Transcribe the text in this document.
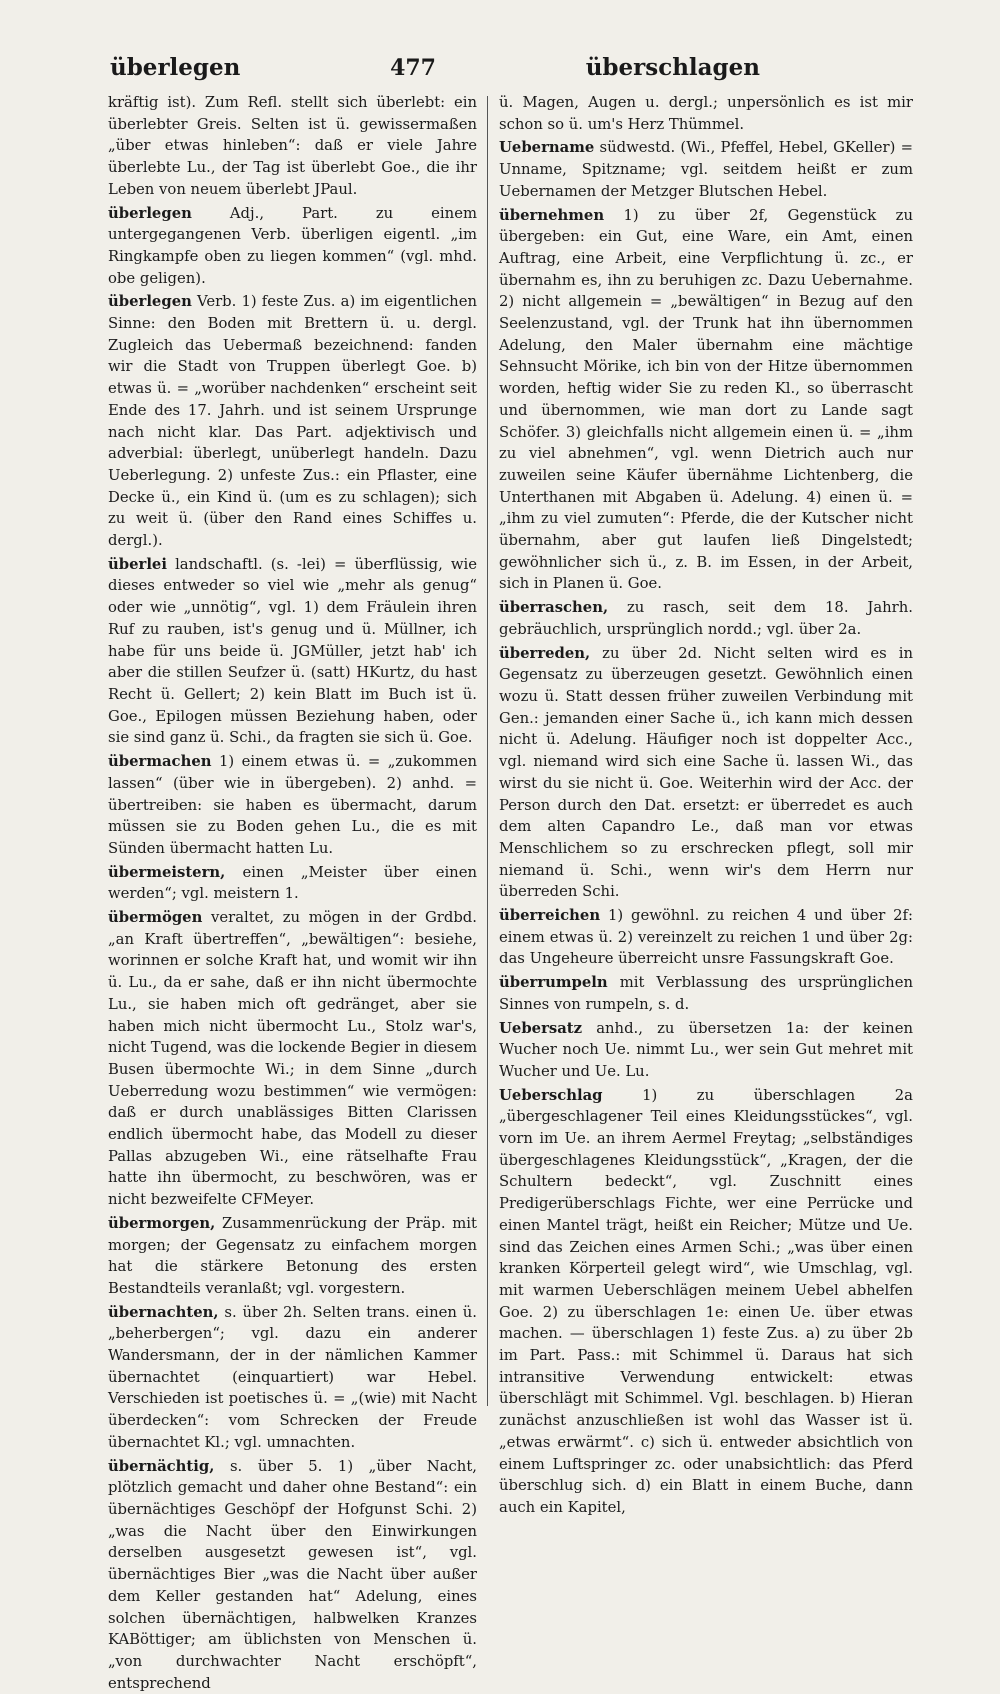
überlegen	477	überschlagen

kräftig ist). Zum Refl. stellt sich überlebt: ein überlebter Greis. Selten ist ü. gewissermaßen „über etwas hinleben“: daß er viele Jahre überlebte Lu., der Tag ist überlebt Goe., die ihr Leben von neuem überlebt JPaul.

überlegen	Adj., Part. zu einem untergegangenen Verb. überligen eigentl. „im Ringkampfe oben zu liegen kommen“ (vgl. mhd. obe geligen).

überlegen Verb. 1) feste Zus. a) im eigentlichen Sinne: den Boden mit Brettern ü. u. dergl. Zugleich das Uebermaß bezeichnend: fanden wir die Stadt von Truppen überlegt Goe. b) etwas ü. = „worüber nachdenken“ erscheint seit Ende des 17. Jahrh. und ist seinem Ursprunge nach nicht klar. Das Part. adjektivisch und adverbial: überlegt, unüberlegt handeln. Dazu Ueberlegung. 2) unfeste Zus.: ein Pflaster, eine Decke ü., ein Kind ü. (um es zu schlagen); sich zu weit ü. (über den Rand eines Schiffes u. dergl.).

überlei landschaftl. (s. -lei) = überflüssig, wie dieses entweder so viel wie „mehr als genug“ oder wie „unnötig“, vgl. 1) dem Fräulein ihren Ruf zu rauben, ist's genug und ü. Müllner, ich habe für uns beide ü. JGMüller, jetzt hab' ich aber die stillen Seufzer ü. (satt) HKurtz, du hast Recht ü. Gellert; 2) kein Blatt im Buch ist ü. Goe., Epilogen müssen Beziehung haben, oder sie sind ganz ü. Schi., da fragten sie sich ü. Goe.

übermachen 1) einem etwas ü. = „zukommen lassen“ (über wie in übergeben). 2) anhd. = übertreiben: sie haben es übermacht, darum müssen sie zu Boden gehen Lu., die es mit Sünden übermacht hatten Lu.

übermeistern, einen „Meister über einen werden“; vgl. meistern 1.

übermögen veraltet, zu mögen in der Grdbd. „an Kraft übertreffen“, „bewältigen“: besiehe, worinnen er solche Kraft hat, und womit wir ihn ü. Lu., da er sahe, daß er ihn nicht übermochte Lu., sie haben mich oft gedränget, aber sie haben mich nicht übermocht Lu., Stolz war's, nicht Tugend, was die lockende Begier in diesem Busen übermochte Wi.; in dem Sinne „durch Ueberredung wozu bestimmen“ wie vermögen: daß er durch unablässiges Bitten Clarissen endlich übermocht habe, das Modell zu dieser Pallas abzugeben Wi., eine rätselhafte Frau hatte ihn übermocht, zu beschwören, was er nicht bezweifelte CFMeyer.

übermorgen, Zusammenrückung der Präp. mit morgen; der Gegensatz zu einfachem morgen hat die stärkere Betonung des ersten Bestandteils veranlaßt; vgl. vorgestern.

übernachten, s. über 2h. Selten trans. einen ü. „beherbergen“; vgl. dazu ein anderer Wandersmann, der in der nämlichen Kammer übernachtet (einquartiert) war Hebel. Verschieden ist poetisches ü. = „(wie) mit Nacht überdecken“: vom Schrecken der Freude übernachtet Kl.; vgl. umnachten.

übernächtig, s. über 5. 1) „über Nacht, plötzlich gemacht und daher ohne Bestand“: ein übernächtiges Geschöpf der Hofgunst Schi. 2) „was die Nacht über den Einwirkungen derselben ausgesetzt gewesen ist“, vgl. übernächtiges Bier „was die Nacht über außer dem Keller gestanden hat“ Adelung, eines solchen übernächtigen, halbwelken Kranzes KABöttiger; am üblichsten von Menschen ü. „von durchwachter Nacht erschöpft“, entsprechend

ü. Magen, Augen u. dergl.; unpersönlich es ist mir schon so ü. um's Herz Thümmel.

Uebername südwestd. (Wi., Pfeffel, Hebel, GKeller) = Unname, Spitzname; vgl. seitdem heißt er zum Uebernamen der Metzger Blutschen Hebel.

übernehmen 1) zu über 2f, Gegenstück zu übergeben: ein Gut, eine Ware, ein Amt, einen Auftrag, eine Arbeit, eine Verpflichtung ü. zc., er übernahm es, ihn zu beruhigen zc. Dazu Uebernahme. 2) nicht allgemein = „bewältigen“ in Bezug auf den Seelenzustand, vgl. der Trunk hat ihn übernommen Adelung, den Maler übernahm eine mächtige Sehnsucht Mörike, ich bin von der Hitze übernommen worden, heftig wider Sie zu reden Kl., so überrascht und übernommen, wie man dort zu Lande sagt Schöfer. 3) gleichfalls nicht allgemein einen ü. = „ihm zu viel abnehmen“, vgl. wenn Dietrich auch nur zuweilen seine Käufer übernähme Lichtenberg, die Unterthanen mit Abgaben ü. Adelung. 4) einen ü. = „ihm zu viel zumuten“: Pferde, die der Kutscher nicht übernahm, aber gut laufen ließ Dingelstedt; gewöhnlicher sich ü., z. B. im Essen, in der Arbeit, sich in Planen ü. Goe.

überraschen, zu rasch, seit dem 18. Jahrh. gebräuchlich, ursprünglich nordd.; vgl. über 2a.

überreden, zu über 2d. Nicht selten wird es in Gegensatz zu überzeugen gesetzt. Gewöhnlich einen wozu ü. Statt dessen früher zuweilen Verbindung mit Gen.: jemanden einer Sache ü., ich kann mich dessen nicht ü. Adelung. Häufiger noch ist doppelter Acc., vgl. niemand wird sich eine Sache ü. lassen Wi., das wirst du sie nicht ü. Goe. Weiterhin wird der Acc. der Person durch den Dat. ersetzt: er überredet es auch dem alten Capandro Le., daß man vor etwas Menschlichem so zu erschrecken pflegt, soll mir niemand ü. Schi., wenn wir's dem Herrn nur überreden Schi.

überreichen 1) gewöhnl. zu reichen 4 und über 2f: einem etwas ü. 2) vereinzelt zu reichen 1 und über 2g: das Ungeheure überreicht unsre Fassungskraft Goe.

überrumpeln mit Verblassung des ursprünglichen Sinnes von rumpeln, s. d.

Uebersatz anhd., zu übersetzen 1a: der keinen Wucher noch Ue. nimmt Lu., wer sein Gut mehret mit Wucher und Ue. Lu.

Ueberschlag	1) zu überschlagen 2a „übergeschlagener Teil eines Kleidungsstückes“, vgl. vorn im Ue. an ihrem Aermel Freytag; „selbständiges übergeschlagenes Kleidungsstück“, „Kragen, der die Schultern bedeckt“, vgl. Zuschnitt eines Predigerüberschlags Fichte, wer eine Perrücke und einen Mantel trägt, heißt ein Reicher; Mütze und Ue. sind das Zeichen eines Armen Schi.; „was über einen kranken Körperteil gelegt wird“, wie Umschlag, vgl. mit warmen Ueberschlägen meinem Uebel abhelfen Goe. 2) zu überschlagen 1e: einen Ue. über etwas machen. — überschlagen 1) feste Zus. a) zu über 2b im Part. Pass.: mit Schimmel ü. Daraus hat sich intransitive Verwendung entwickelt: etwas überschlägt mit Schimmel. Vgl. beschlagen. b) Hieran zunächst anzuschließen ist wohl das Wasser ist ü. „etwas erwärmt“. c) sich ü. entweder absichtlich von einem Luftspringer zc. oder unabsichtlich: das Pferd überschlug sich. d) ein Blatt in einem Buche, dann auch ein Kapitel,
